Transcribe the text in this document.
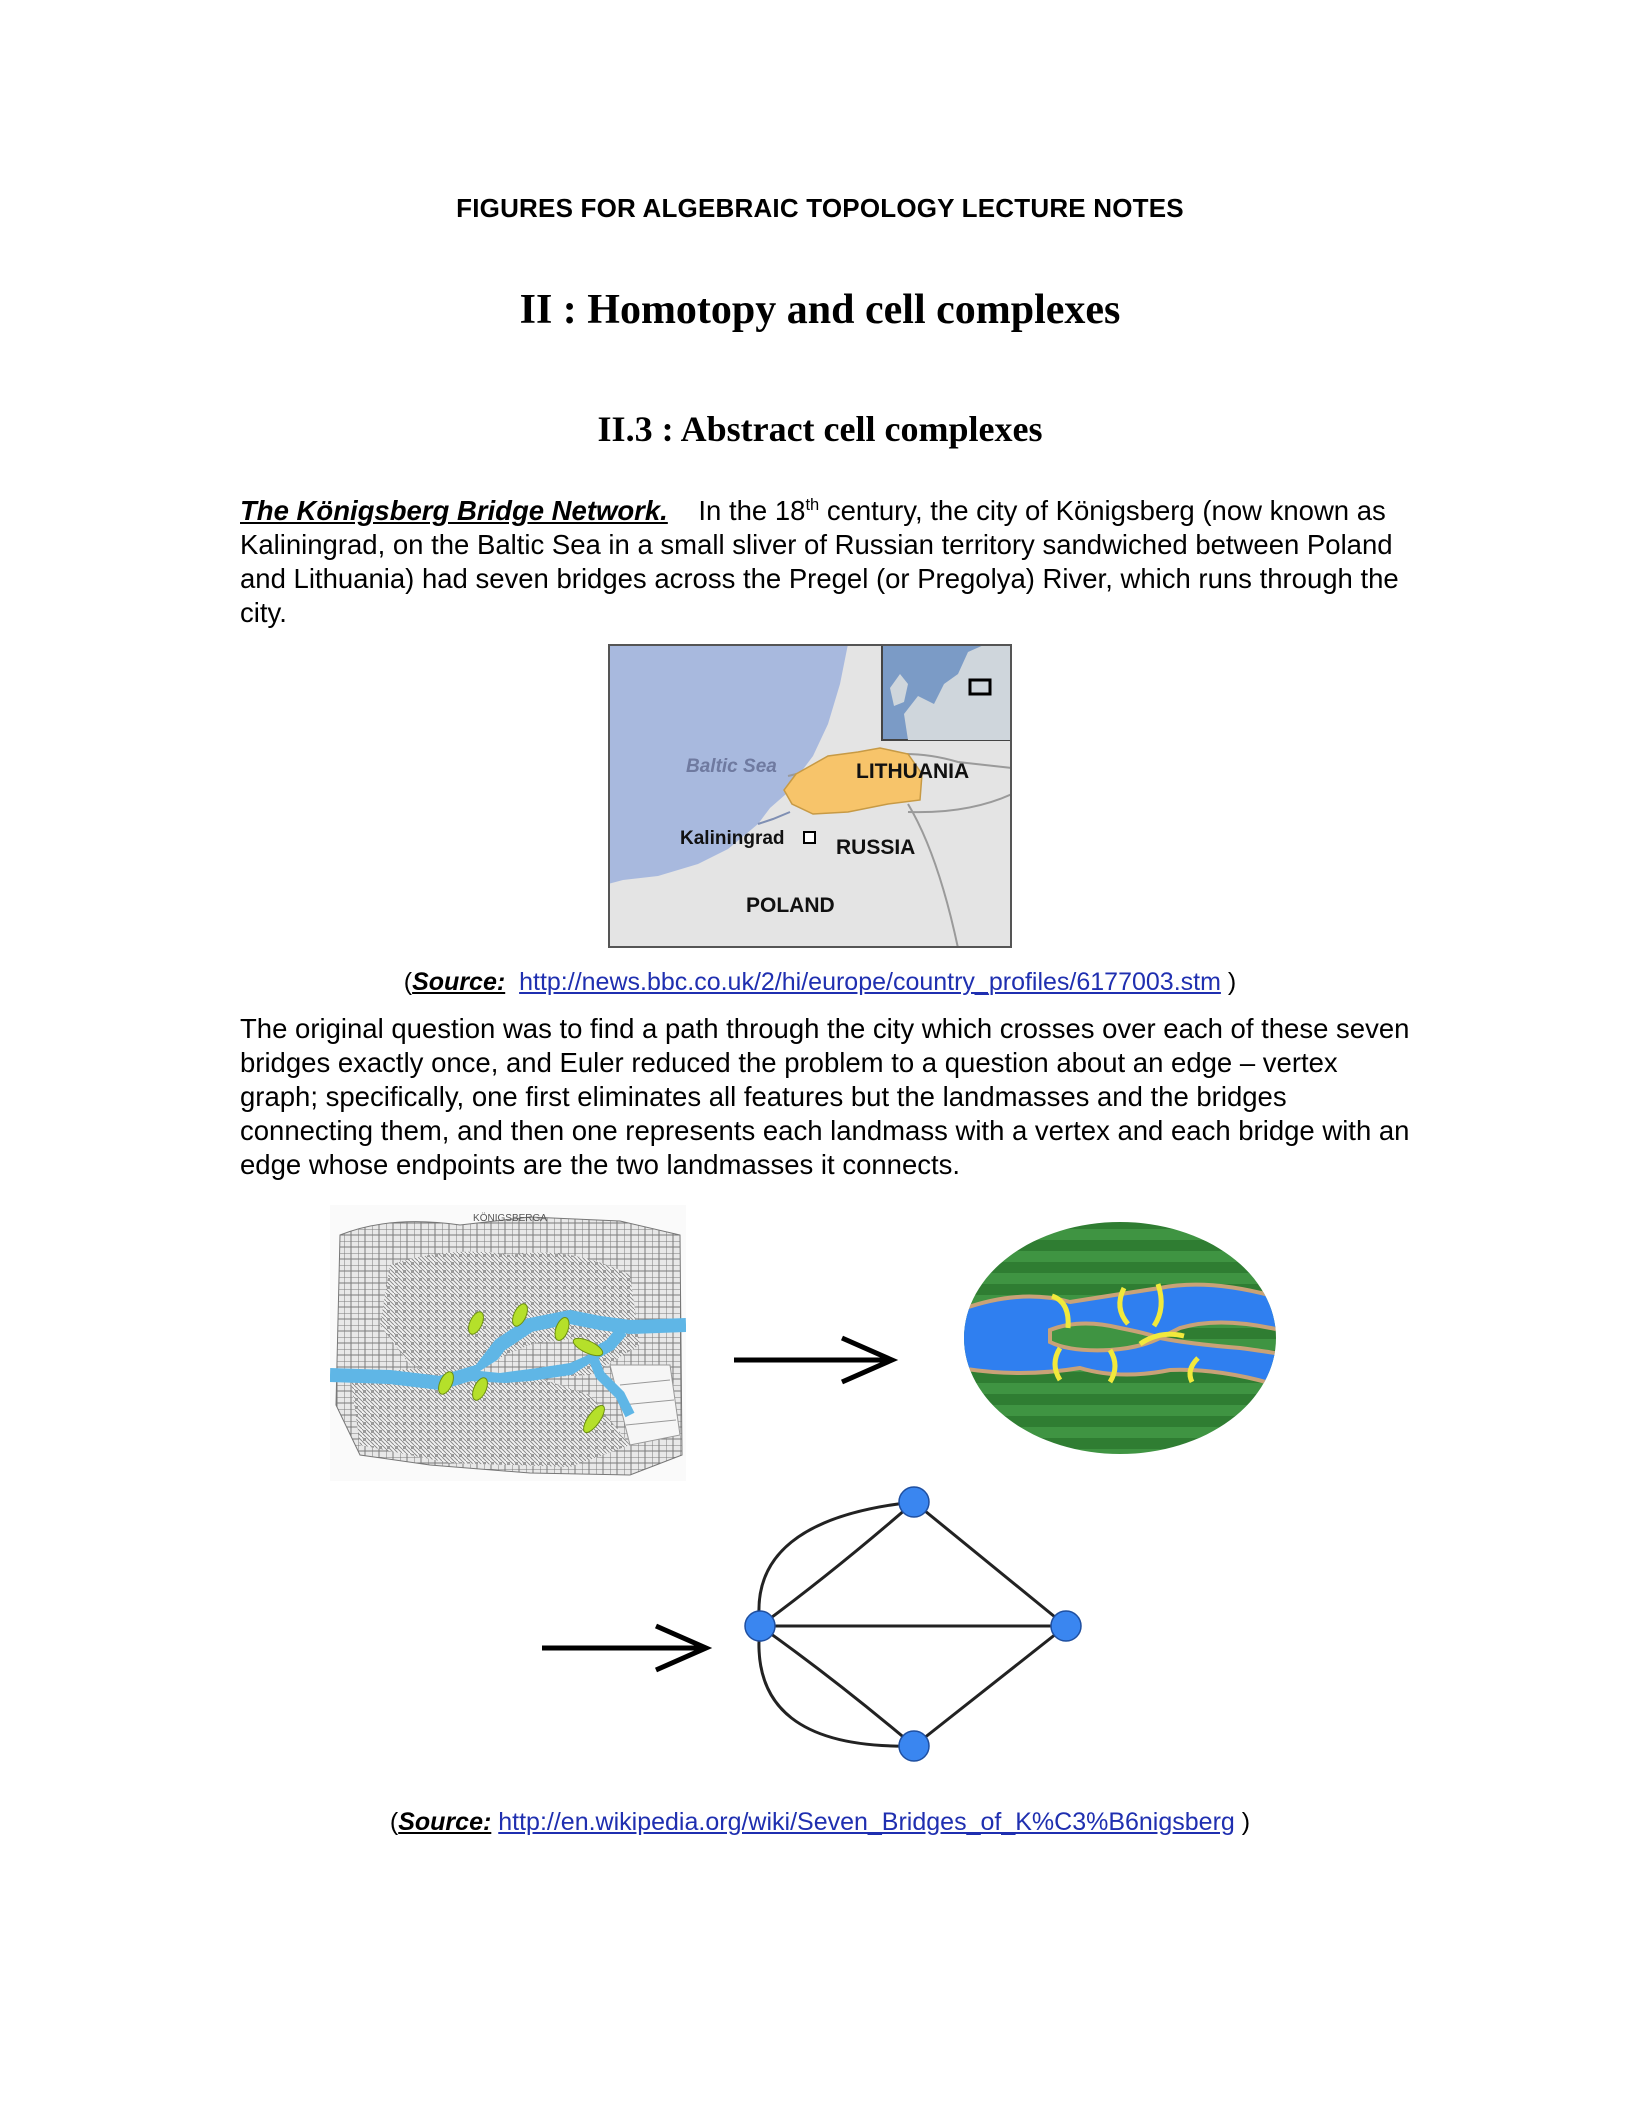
FIGURES FOR ALGEBRAIC TOPOLOGY LECTURE NOTES
II : Homotopy and cell complexes
II.3 : Abstract cell complexes
The Königsberg Bridge Network. In the 18th century, the city of Königsberg (now known as Kaliningrad, on the Baltic Sea in a small sliver of Russian territory sandwiched between Poland and Lithuania) had seven bridges across the Pregel (or Pregolya) River, which runs through the city.
Baltic Sea	LITHUANIA
Kaliningrad RUSSIA
POLAND
(Source: http://news.bbc.co.uk/2/hi/europe/country_profiles/6177003.stm )
The original question was to find a path through the city which crosses over each of these seven bridges exactly once, and Euler reduced the problem to a question about an edge – vertex graph; specifically, one first eliminates all features but the landmasses and the bridges connecting them, and then one represents each landmass with a vertex and each bridge with an edge whose endpoints are the two landmasses it connects.
KÖNIGSBERGA
(Source: http://en.wikipedia.org/wiki/Seven_Bridges_of_K%C3%B6nigsberg )
